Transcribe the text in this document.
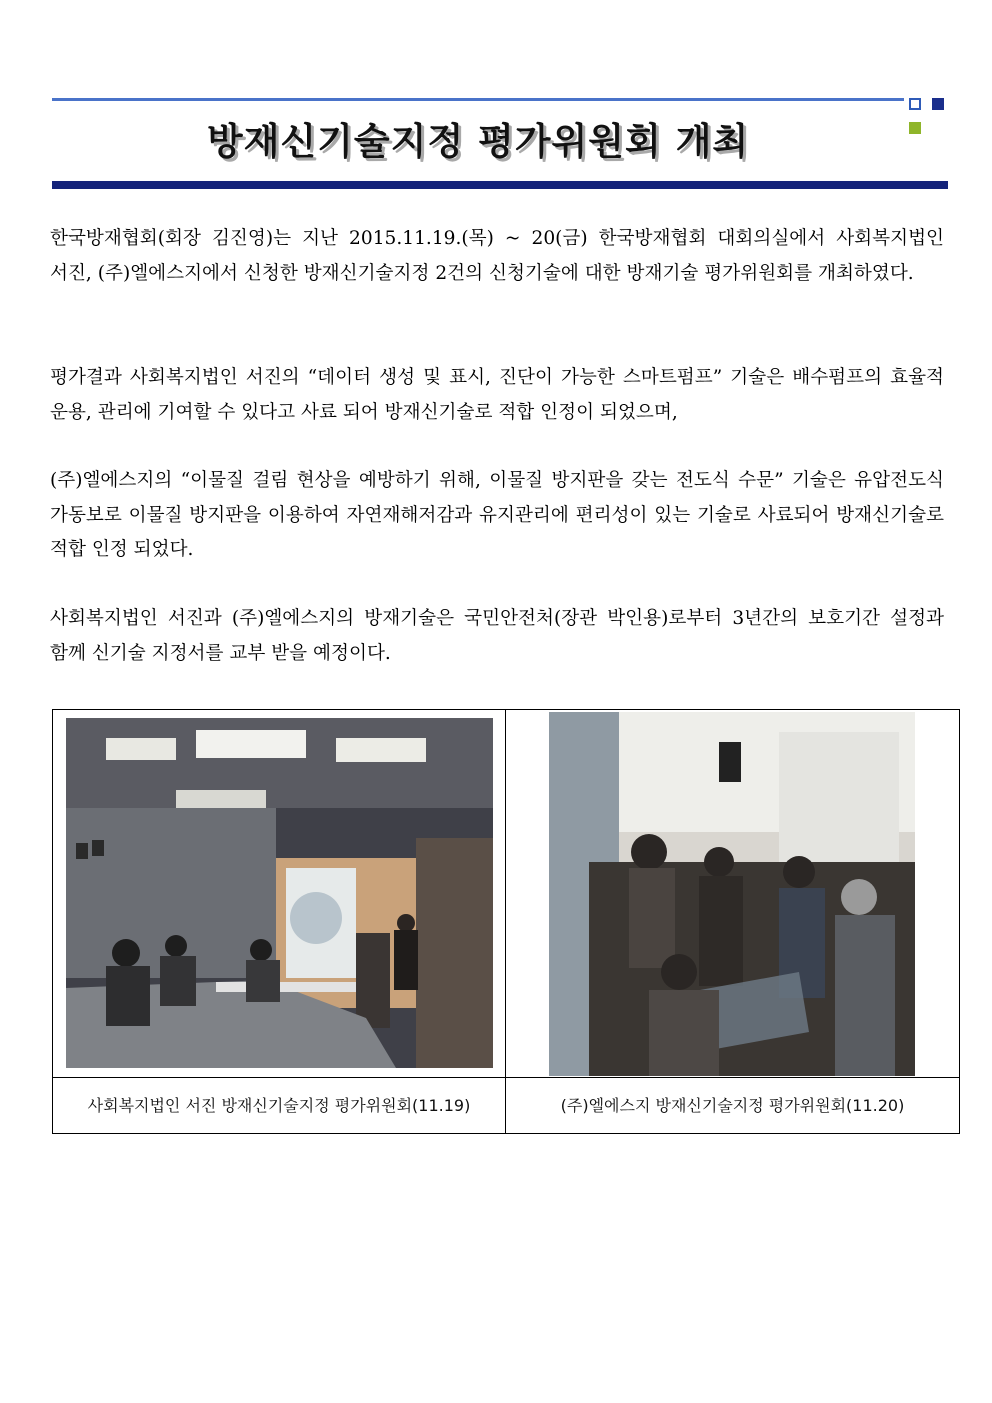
방재신기술지정 평가위원회 개최

한국방재협회(회장 김진영)는 지난 2015.11.19.(목) ~ 20(금) 한국방재협회 대회의실에서 사회복지법인 서진, (주)엘에스지에서 신청한 방재신기술지정 2건의 신청기술에 대한 방재기술 평가위원회를 개최하였다.

평가결과 사회복지법인 서진의 “데이터 생성 및 표시, 진단이 가능한 스마트펌프” 기술은 배수펌프의 효율적 운용, 관리에 기여할 수 있다고 사료 되어 방재신기술로 적합 인정이 되었으며,

(주)엘에스지의 “이물질 걸림 현상을 예방하기 위해, 이물질 방지판을 갖는 전도식 수문” 기술은 유압전도식 가동보로 이물질 방지판을 이용하여 자연재해저감과 유지관리에 편리성이 있는 기술로 사료되어 방재신기술로 적합 인정 되었다.

사회복지법인 서진과 (주)엘에스지의 방재기술은 국민안전처(장관 박인용)로부터 3년간의 보호기간 설정과 함께 신기술 지정서를 교부 받을 예정이다.

사회복지법인 서진 방재신기술지정 평가위원회(11.19)	(주)엘에스지 방재신기술지정 평가위원회(11.20)
